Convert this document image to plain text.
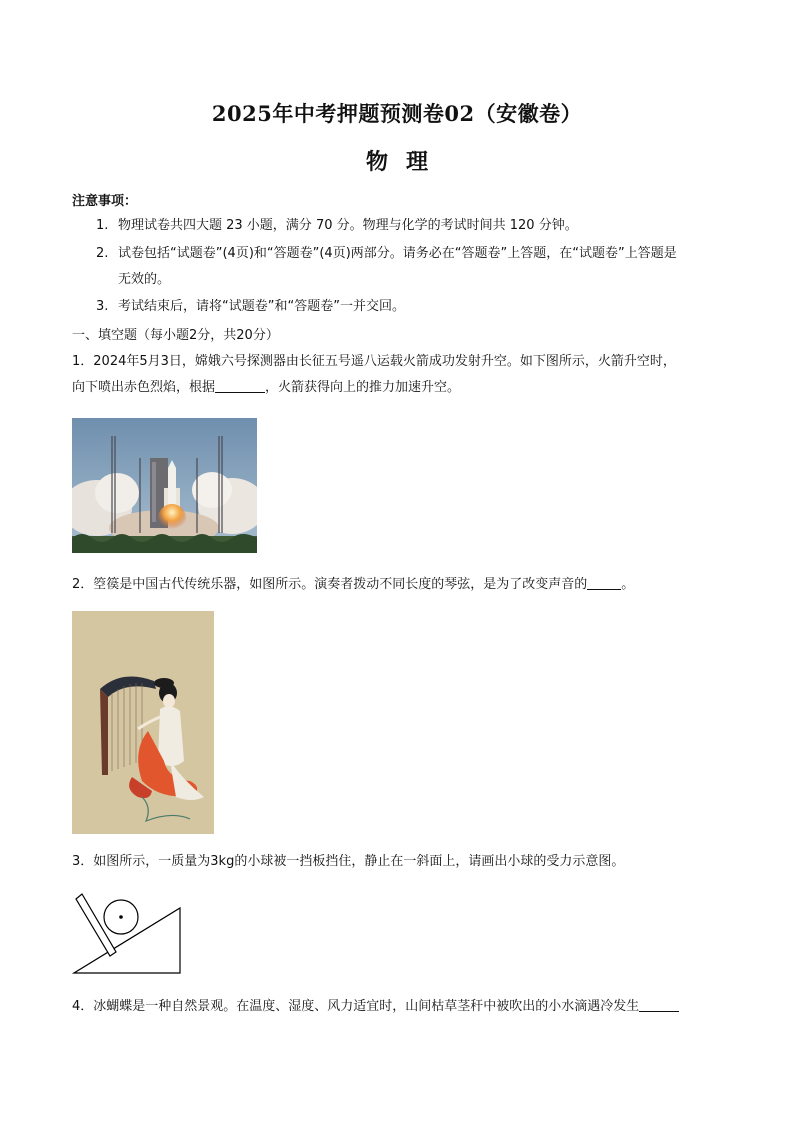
2025年中考押题预测卷02（安徽卷）
物理
注意事项：
1. 物理试卷共四大题 23 小题，满分 70 分。物理与化学的考试时间共 120 分钟。
2. 试卷包括“试题卷”(4页)和“答题卷”(4页)两部分。请务必在“答题卷”上答题，在“试题卷”上答题是
无效的。
3. 考试结束后，请将“试题卷”和“答题卷”一并交回。
一、填空题（每小题2分，共20分）
1．2024年5月3日，嫦娥六号探测器由长征五号遥八运载火箭成功发射升空。如下图所示，火箭升空时，
向下喷出赤色烈焰，根据	，火箭获得向上的推力加速升空。
2．箜篌是中国古代传统乐器，如图所示。演奏者拨动不同长度的琴弦，是为了改变声音的	。
3．如图所示，一质量为3kg的小球被一挡板挡住，静止在一斜面上，请画出小球的受力示意图。
4．冰蝴蝶是一种自然景观。在温度、湿度、风力适宜时，山间枯草茎秆中被吹出的小水滴遇冷发生
